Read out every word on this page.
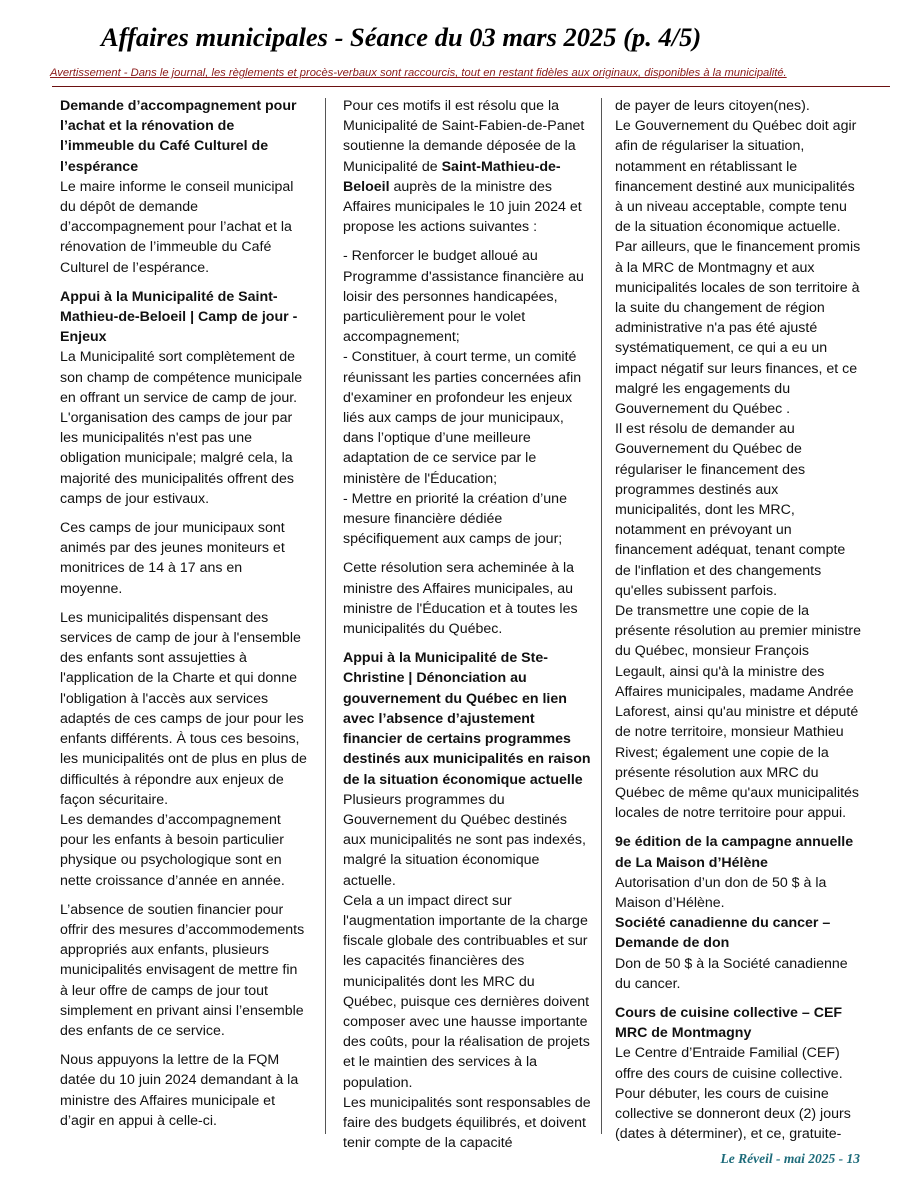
Affaires municipales - Séance du 03 mars 2025 (p. 4/5)

Avertissement - Dans le journal, les règlements et procès-verbaux sont raccourcis, tout en restant fidèles aux originaux, disponibles à la municipalité.

Demande d’accompagnement pour l’achat et la rénovation de l’immeuble du Café Culturel de l’espérance

Le maire informe le conseil municipal du dépôt de demande d’accompagnement pour l’achat et la rénovation de l’immeuble du Café Culturel de l’espérance.

Appui à la Municipalité de Saint-Mathieu-de-Beloeil | Camp de jour - Enjeux

La Municipalité sort complètement de son champ de compétence municipale en offrant un service de camp de jour. L'organisation des camps de jour par les municipalités n'est pas une obligation municipale; malgré cela, la majorité des municipalités offrent des camps de jour estivaux.

Ces camps de jour municipaux sont animés par des jeunes moniteurs et monitrices de 14 à 17 ans en moyenne.

Les municipalités dispensant des services de camp de jour à l'ensemble des enfants sont assujetties à l'application de la Charte et qui donne l'obligation à l'accès aux services adaptés de ces camps de jour pour les enfants différents. À tous ces besoins, les municipalités ont de plus en plus de difficultés à répondre aux enjeux de façon sécuritaire.

Les demandes d’accompagnement pour les enfants à besoin particulier physique ou psychologique sont en nette croissance d’année en année.

L’absence de soutien financier pour offrir des mesures d’accommodements appropriés aux enfants, plusieurs municipalités envisagent de mettre fin à leur offre de camps de jour tout simplement en privant ainsi l’ensemble des enfants de ce service.

Nous appuyons la lettre de la FQM datée du 10 juin 2024 demandant à la ministre des Affaires municipale et d’agir en appui à celle-ci.

Pour ces motifs il est résolu que la Municipalité de Saint-Fabien-de-Panet soutienne la demande déposée de la Municipalité de Saint-Mathieu-de-Beloeil auprès de la ministre des Affaires municipales le 10 juin 2024 et propose les actions suivantes :

- Renforcer le budget alloué au Programme d'assistance financière au loisir des personnes handicapées, particulièrement pour le volet accompagnement;

- Constituer, à court terme, un comité réunissant les parties concernées afin d'examiner en profondeur les enjeux liés aux camps de jour municipaux, dans l’optique d’une meilleure adaptation de ce service par le ministère de l'Éducation;

- Mettre en priorité la création d’une mesure financière dédiée spécifiquement aux camps de jour;

Cette résolution sera acheminée à la ministre des Affaires municipales, au ministre de l'Éducation et à toutes les municipalités du Québec.

Appui à la Municipalité de Ste-Christine | Dénonciation au gouvernement du Québec en lien avec l’absence d’ajustement financier de certains programmes destinés aux municipalités en raison de la situation économique actuelle

Plusieurs programmes du Gouvernement du Québec destinés aux municipalités ne sont pas indexés, malgré la situation économique actuelle.

Cela a un impact direct sur l'augmentation importante de la charge fiscale globale des contribuables et sur les capacités financières des municipalités dont les MRC du Québec, puisque ces dernières doivent composer avec une hausse importante des coûts, pour la réalisation de projets et le maintien des services à la population.

Les municipalités sont responsables de faire des budgets équilibrés, et doivent tenir compte de la capacité

de payer de leurs citoyen(nes).

Le Gouvernement du Québec doit agir afin de régulariser la situation, notamment en rétablissant le financement destiné aux municipalités à un niveau acceptable, compte tenu de la situation économique actuelle.

Par ailleurs, que le financement promis à la MRC de Montmagny et aux municipalités locales de son territoire à la suite du changement de région administrative n'a pas été ajusté systématiquement, ce qui a eu un impact négatif sur leurs finances, et ce malgré les engagements du Gouvernement du Québec .

Il est résolu de demander au Gouvernement du Québec de régulariser le financement des programmes destinés aux municipalités, dont les MRC, notamment en prévoyant un financement adéquat, tenant compte de l'inflation et des changements qu'elles subissent parfois.

De transmettre une copie de la présente résolution au premier ministre du Québec, monsieur François Legault, ainsi qu'à la ministre des Affaires municipales, madame Andrée Laforest, ainsi qu'au ministre et député de notre territoire, monsieur Mathieu Rivest; également une copie de la présente résolution aux MRC du Québec de même qu'aux municipalités locales de notre territoire pour appui.

9e édition de la campagne annuelle de La Maison d’Hélène

Autorisation d’un don de 50 $ à la Maison d’Hélène.

Société canadienne du cancer – Demande de don

Don de 50 $ à la Société canadienne du cancer.

Cours de cuisine collective – CEF MRC de Montmagny

Le Centre d’Entraide Familial (CEF) offre des cours de cuisine collective. Pour débuter, les cours de cuisine collective se donneront deux (2) jours (dates à déterminer), et ce, gratuite-

Le Réveil - mai 2025 - 13
